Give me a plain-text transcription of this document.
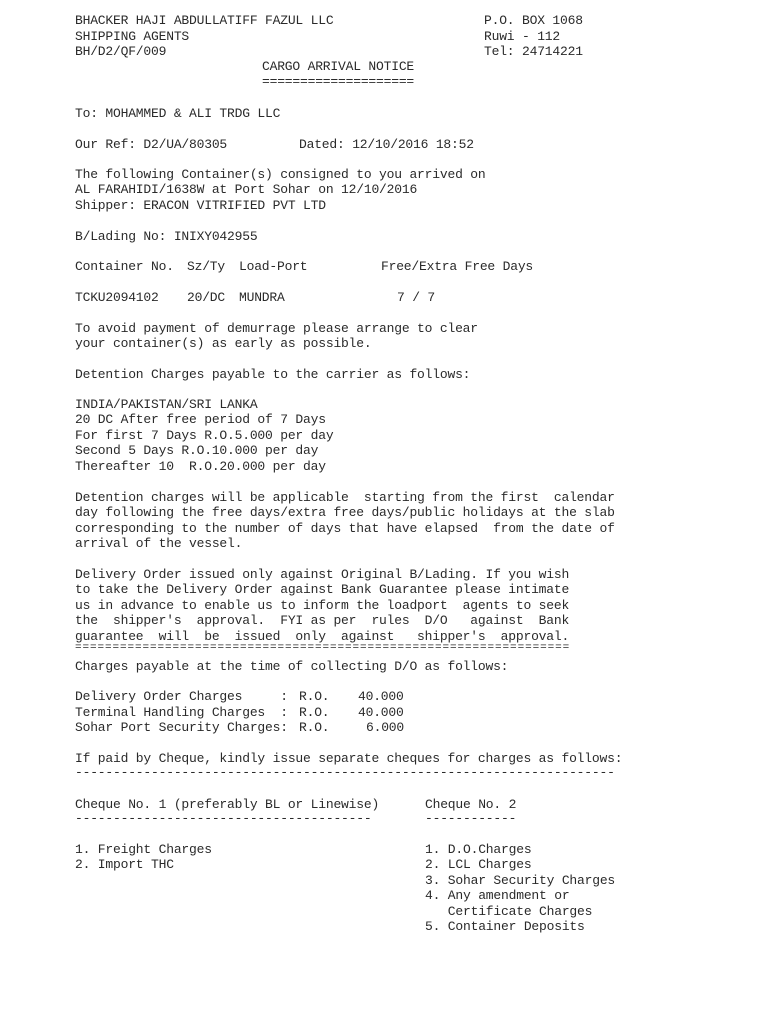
BHACKER HAJI ABDULLATIFF FAZUL LLC
SHIPPING AGENTS
BH/D2/QF/009
P.O. BOX 1068
Ruwi - 112
Tel: 24714221
CARGO ARRIVAL NOTICE
====================
To: MOHAMMED & ALI TRDG LLC
Our Ref: D2/UA/80305	Dated: 12/10/2016 18:52
The following Container(s) consigned to you arrived on
AL FARAHIDI/1638W at Port Sohar on 12/10/2016
Shipper: ERACON VITRIFIED PVT LTD
B/Lading No: INIXY042955
Container No. Sz/Ty Load-Port	Free/Extra Free Days
TCKU2094102 20/DC MUNDRA	7 / 7
To avoid payment of demurrage please arrange to clear
your container(s) as early as possible.
Detention Charges payable to the carrier as follows:
INDIA/PAKISTAN/SRI LANKA
20 DC After free period of 7 Days
For first 7 Days R.O.5.000 per day
Second 5 Days R.O.10.000 per day
Thereafter 10  R.O.20.000 per day
Detention charges will be applicable  starting from the first  calendar
day following the free days/extra free days/public holidays at the slab
corresponding to the number of days that have elapsed  from the date of
arrival of the vessel.
Delivery Order issued only against Original B/Lading. If you wish
to take the Delivery Order against Bank Guarantee please intimate
us in advance to enable us to inform the loadport  agents to seek
the  shipper's  approval.  FYI as per  rules  D/O   against  Bank
guarantee  will  be  issued  only  against   shipper's  approval.
==================================================================
Charges payable at the time of collecting D/O as follows:
Delivery Order Charges     : R.O. 40.000
Terminal Handling Charges  : R.O. 40.000
Sohar Port Security Charges: R.O.	6.000
If paid by Cheque, kindly issue separate cheques for charges as follows:
-----------------------------------------------------------------------
Cheque No. 1 (preferably BL or Linewise)
---------------------------------------
1. Freight Charges
2. Import THC
Cheque No. 2
------------
1. D.O.Charges
2. LCL Charges
3. Sohar Security Charges
4. Any amendment or
Certificate Charges
5. Container Deposits
